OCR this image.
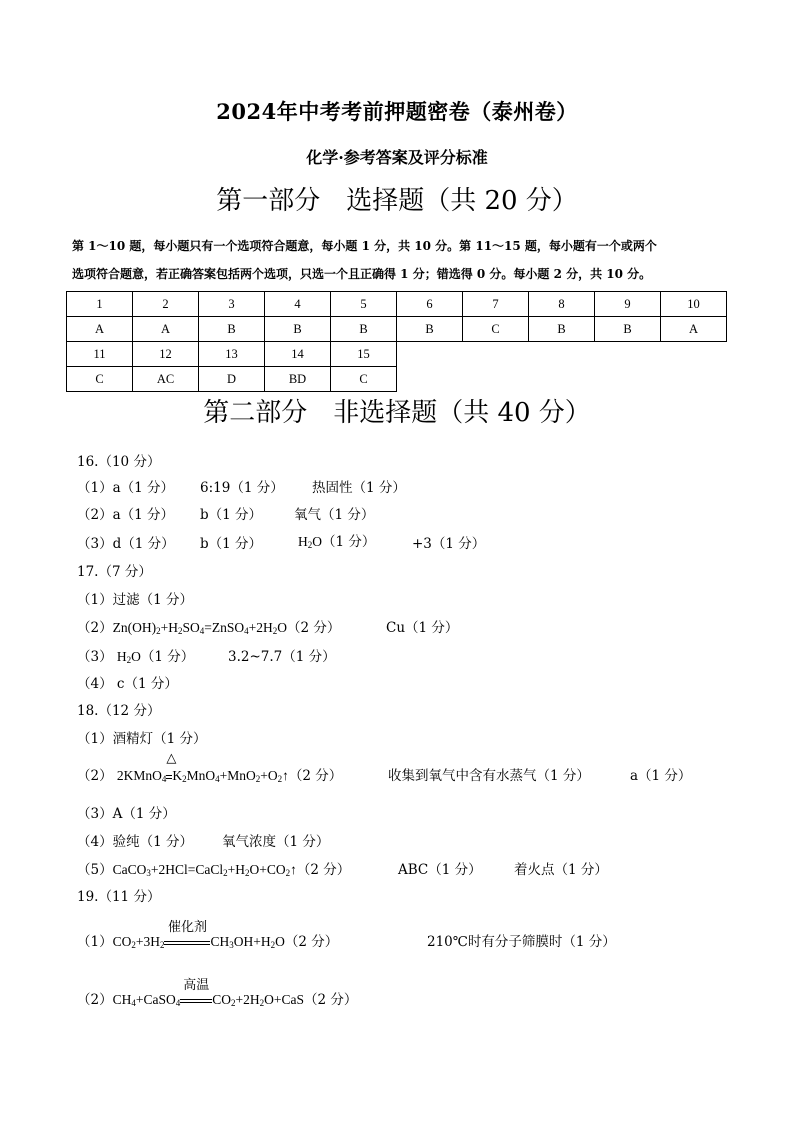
2024年中考考前押题密卷（泰州卷）
化学·参考答案及评分标准
第一部分　选择题（共 20 分）
第 1～10 题，每小题只有一个选项符合题意，每小题 1 分，共 10 分。第 11～15 题，每小题有一个或两个
选项符合题意，若正确答案包括两个选项，只选一个且正确得 1 分；错选得 0 分。每小题 2 分，共 10 分。
1	2	3	4	5	6	7	8	9	10
A	A	B	B	B	B	C	B	B	A
11	12	13	14	15					
C	AC	D	BD	C					
第二部分　非选择题（共 40 分）
16.（10 分）
（1）a（1 分） 6:19（1 分） 热固性（1 分）
（2）a（1 分） b（1 分） 氧气（1 分）
（3）d（1 分） b（1 分）	$H_2O(1$ 分）	+3（1 分）
17.（7 分）
（1）过滤（1 分）
$(2)Zn(OH)_2+H_2SO_4=ZnSO_4+2H_2O(2$ 分）	Cu（1 分）
（3） $H_2O(1$ 分） 3.2~7.7（1 分）
（4） c（1 分）
18.（12 分）
（1）酒精灯（1 分）
（2） 2KMnO$_4$
△
$K_2MnO_4+MnO_2+O_2↑(2$ 分）	收集到氧气中含有水蒸气（1 分）	a（1 分）
（3）A（1 分）
（4）验纯（1 分） 氧气浓度（1 分）
$(5)CaCO_3+2HCl=CaCl_2+H_2O+CO_2↑(2$ 分）	ABC（1 分） 着火点（1 分）
19.（11 分）
$(1)CO_2+3H_2$
催化剂
$CH_3OH+H_2O(2$ 分）	210℃时有分子筛膜时（1 分）
$(2)CH_4+CaSO_4$
高温
$CO_2+2H_2O+CaS(2$ 分）
